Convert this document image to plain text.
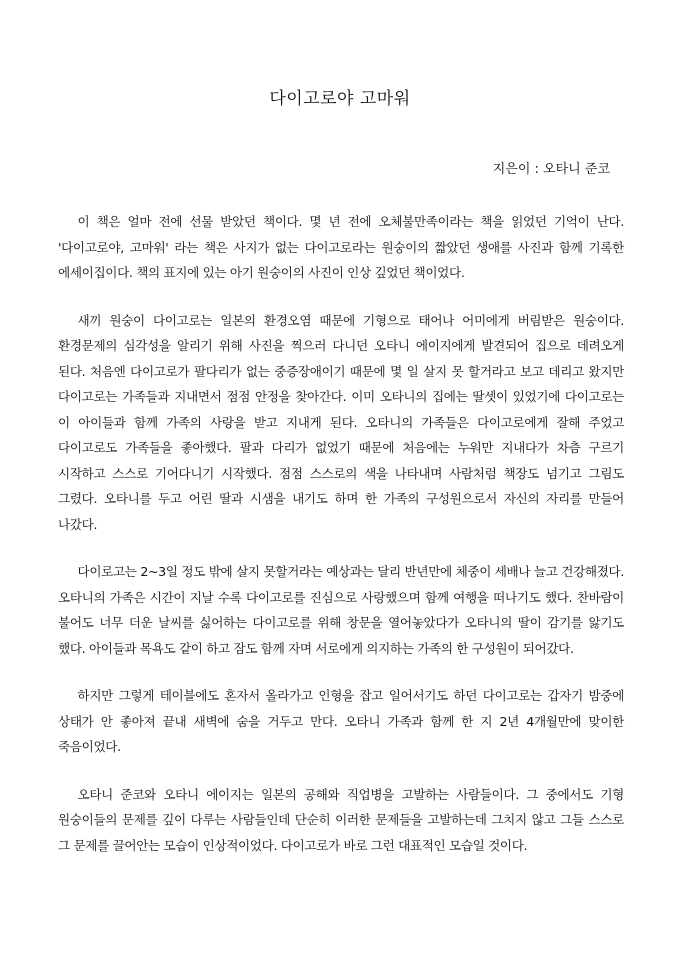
다이고로야 고마워
지은이 : 오타니 준코

이 책은 얼마 전에 선물 받았던 책이다. 몇 년 전에 오체불만족이라는 책을 읽었던 기억이 난다. '다이고로야, 고마워' 라는 책은 사지가 없는 다이고로라는 원숭이의 짧았던 생애를 사진과 함께 기록한 에세이집이다. 책의 표지에 있는 아기 원숭이의 사진이 인상 깊었던 책이었다.

새끼 원숭이 다이고로는 일본의 환경오염 때문에 기형으로 태어나 어미에게 버림받은 원숭이다. 환경문제의 심각성을 알리기 위해 사진을 찍으러 다니던 오타니 에이지에게 발견되어 집으로 데려오게 된다. 처음엔 다이고로가 팔다리가 없는 중증장애이기 때문에 몇 일 살지 못 할거라고 보고 데리고 왔지만 다이고로는 가족들과 지내면서 점점 안정을 찾아간다. 이미 오타니의 집에는 딸셋이 있었기에 다이고로는 이 아이들과 함께 가족의 사랑을 받고 지내게 된다. 오타니의 가족들은 다이고로에게 잘해 주었고 다이고로도 가족들을 좋아했다. 팔과 다리가 없었기 때문에 처음에는 누워만 지내다가 차츰 구르기 시작하고 스스로 기어다니기 시작했다. 점점 스스로의 색을 나타내며 사람처럼 책장도 넘기고 그림도 그렸다. 오타니를 두고 어린 딸과 시샘을 내기도 하며 한 가족의 구성원으로서 자신의 자리를 만들어 나갔다.

다이로고는 2~3일 정도 밖에 살지 못할거라는 예상과는 달리 반년만에 체중이 세배나 늘고 건강해졌다. 오타니의 가족은 시간이 지날 수록 다이고로를 진심으로 사랑했으며 함께 여행을 떠나기도 했다. 찬바람이 불어도 너무 더운 날씨를 싫어하는 다이고로를 위해 창문을 열어놓았다가 오타니의 딸이 감기를 앓기도 했다. 아이들과 목욕도 같이 하고 잠도 함께 자며 서로에게 의지하는 가족의 한 구성원이 되어갔다.

하지만 그렇게 테이블에도 혼자서 올라가고 인형을 잡고 일어서기도 하던 다이고로는 갑자기 밤중에 상태가 안 좋아져 끝내 새벽에 숨을 거두고 만다. 오타니 가족과 함께 한 지 2년 4개월만에 맞이한 죽음이었다.

오타니 준코와 오타니 에이지는 일본의 공해와 직업병을 고발하는 사람들이다. 그 중에서도 기형 원숭이들의 문제를 깊이 다루는 사람들인데 단순히 이러한 문제들을 고발하는데 그치지 않고 그들 스스로 그 문제를 끌어안는 모습이 인상적이었다. 다이고로가 바로 그런 대표적인 모습일 것이다.
